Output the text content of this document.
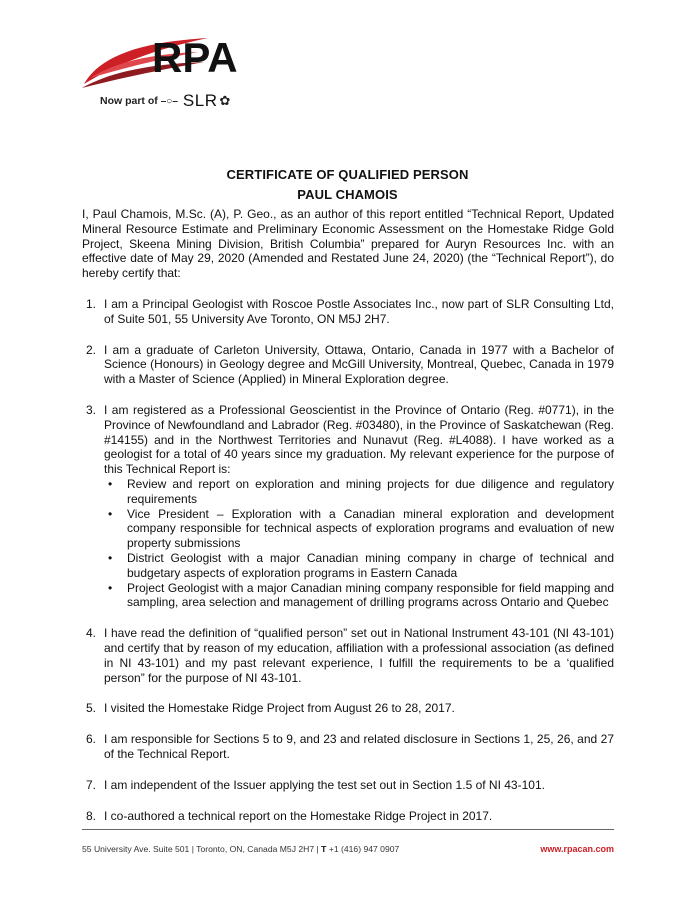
RPA
Now part of –○– SLR ✿
CERTIFICATE OF QUALIFIED PERSON
PAUL CHAMOIS

I, Paul Chamois, M.Sc. (A), P. Geo., as an author of this report entitled “Technical Report, Updated Mineral Resource Estimate and Preliminary Economic Assessment on the Homestake Ridge Gold Project, Skeena Mining Division, British Columbia” prepared for Auryn Resources Inc. with an effective date of May 29, 2020 (Amended and Restated June 24, 2020) (the “Technical Report”), do hereby certify that:

1. I am a Principal Geologist with Roscoe Postle Associates Inc., now part of SLR Consulting Ltd, of Suite 501, 55 University Ave Toronto, ON M5J 2H7.
2. I am a graduate of Carleton University, Ottawa, Ontario, Canada in 1977 with a Bachelor of Science (Honours) in Geology degree and McGill University, Montreal, Quebec, Canada in 1979 with a Master of Science (Applied) in Mineral Exploration degree.
3. I am registered as a Professional Geoscientist in the Province of Ontario (Reg. #0771), in the Province of Newfoundland and Labrador (Reg. #03480), in the Province of Saskatchewan (Reg. #14155) and in the Northwest Territories and Nunavut (Reg. #L4088). I have worked as a geologist for a total of 40 years since my graduation. My relevant experience for the purpose of this Technical Report is:
• Review and report on exploration and mining projects for due diligence and regulatory requirements
• Vice President – Exploration with a Canadian mineral exploration and development company responsible for technical aspects of exploration programs and evaluation of new property submissions
• District Geologist with a major Canadian mining company in charge of technical and budgetary aspects of exploration programs in Eastern Canada
• Project Geologist with a major Canadian mining company responsible for field mapping and sampling, area selection and management of drilling programs across Ontario and Quebec
4. I have read the definition of “qualified person” set out in National Instrument 43-101 (NI 43-101) and certify that by reason of my education, affiliation with a professional association (as defined in NI 43-101) and my past relevant experience, I fulfill the requirements to be a ‘qualified person” for the purpose of NI 43-101.
5. I visited the Homestake Ridge Project from August 26 to 28, 2017.
6. I am responsible for Sections 5 to 9, and 23 and related disclosure in Sections 1, 25, 26, and 27 of the Technical Report.
7. I am independent of the Issuer applying the test set out in Section 1.5 of NI 43-101.
8. I co-authored a technical report on the Homestake Ridge Project in 2017.
55 University Ave. Suite 501 | Toronto, ON, Canada M5J 2H7 | T +1 (416) 947 0907	www.rpacan.com
